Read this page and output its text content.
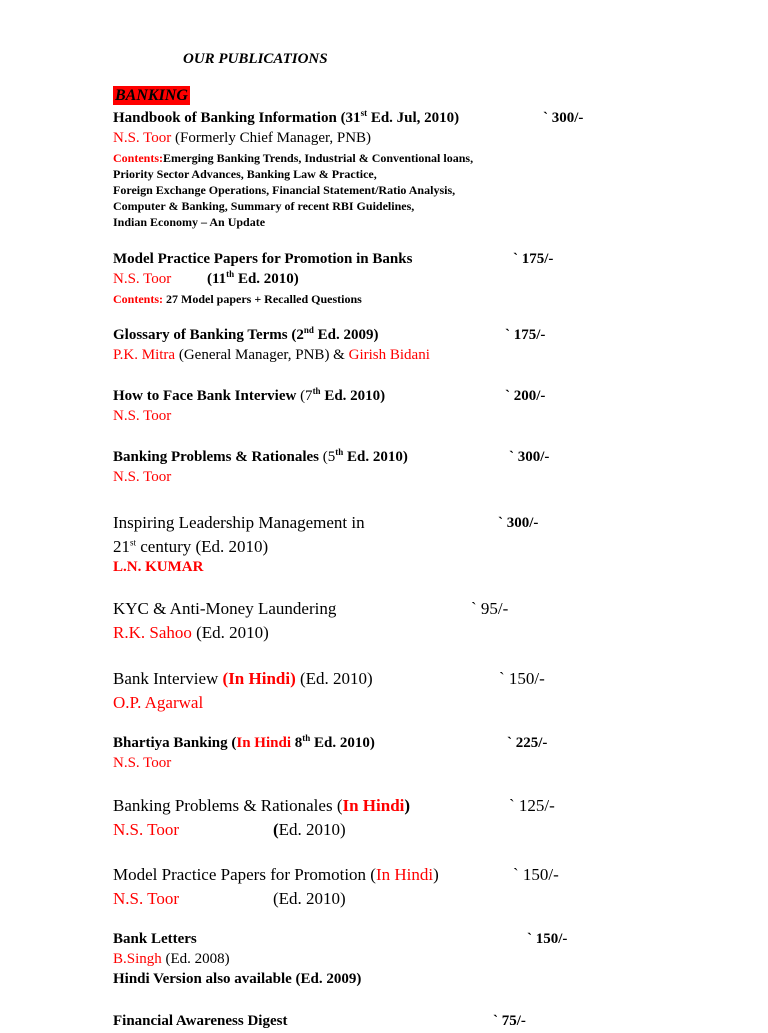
OUR PUBLICATIONS
BANKING
Handbook of Banking Information (31st Ed. Jul, 2010)	` 300/-
N.S. Toor (Formerly Chief Manager, PNB)
Contents:Emerging Banking Trends, Industrial & Conventional loans,
Priority Sector Advances, Banking Law & Practice,
Foreign Exchange Operations, Financial Statement/Ratio Analysis,
Computer & Banking, Summary of recent RBI Guidelines,
Indian Economy – An Update
Model Practice Papers for Promotion in Banks	` 175/-
N.S. Toor (11th Ed. 2010)
Contents: 27 Model papers + Recalled Questions
Glossary of Banking Terms (2nd Ed. 2009)	` 175/-
P.K. Mitra (General Manager, PNB) & Girish Bidani
How to Face Bank Interview (7th Ed. 2010)	` 200/-
N.S. Toor
Banking Problems & Rationales (5th Ed. 2010)	` 300/-
N.S. Toor
Inspiring Leadership Management in	` 300/-
21st century (Ed. 2010)
L.N. KUMAR
KYC & Anti-Money Laundering	` 95/-
R.K. Sahoo (Ed. 2010)
Bank Interview (In Hindi) (Ed. 2010)	` 150/-
O.P. Agarwal
Bhartiya Banking (In Hindi 8th Ed. 2010)	` 225/-
N.S. Toor
Banking Problems & Rationales (In Hindi)	` 125/-
N.S. Toor	(Ed. 2010)
Model Practice Papers for Promotion (In Hindi)	` 150/-
N.S. Toor	(Ed. 2010)
Bank Letters	` 150/-
B.Singh (Ed. 2008)
Hindi Version also available (Ed. 2009)
Financial Awareness Digest	` 75/-
